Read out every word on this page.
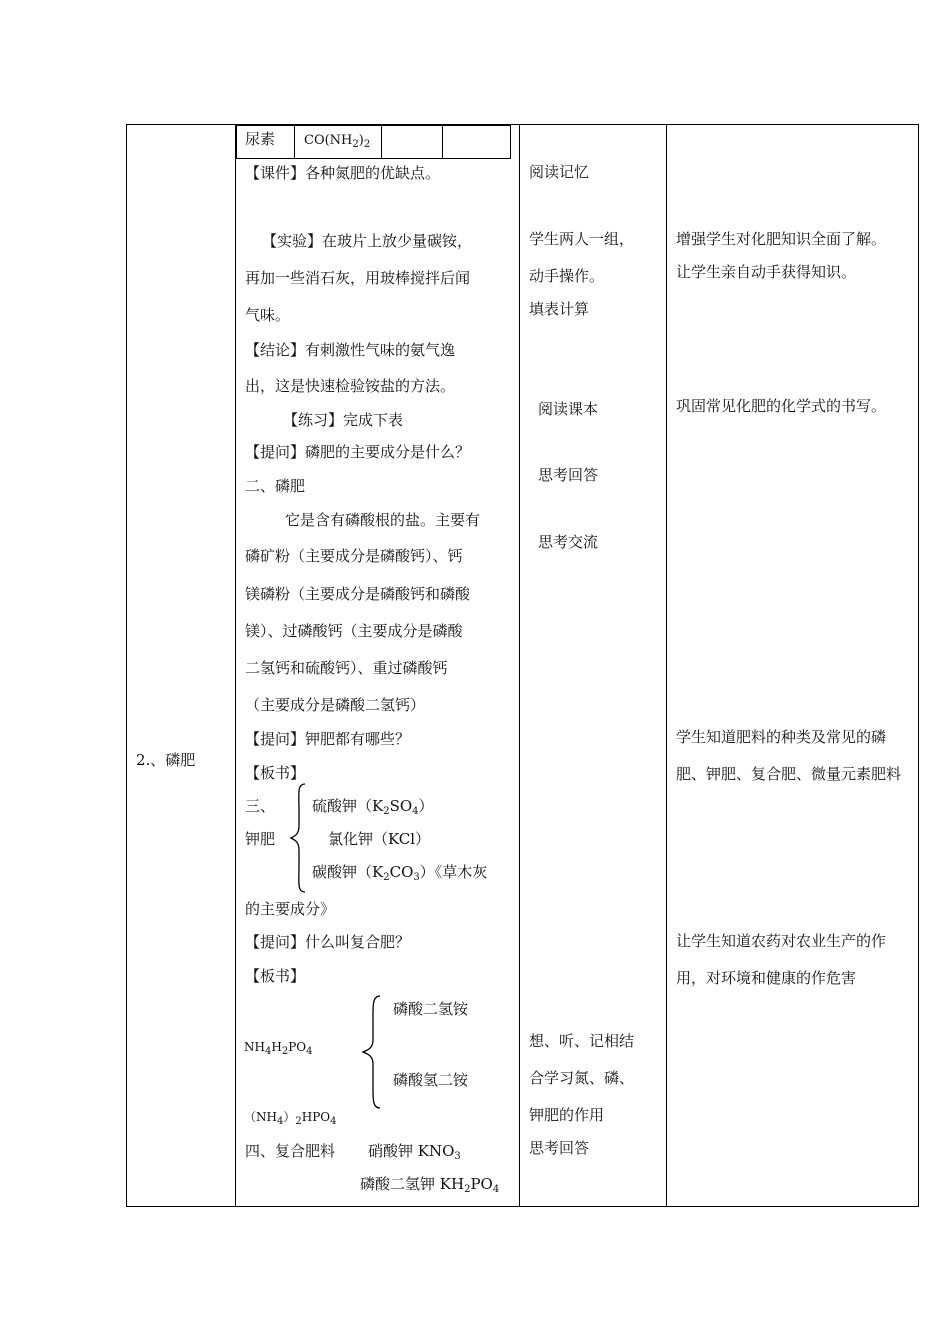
2.、磷肥
尿素 $CO(NH_2)_2$
【课件】各种氮肥的优缺点。
【实验】在玻片上放少量碳铵，
再加一些消石灰，用玻棒搅拌后闻
气味。
【结论】有刺激性气味的氨气逸
出，这是快速检验铵盐的方法。
【练习】完成下表
【提问】磷肥的主要成分是什么？
二、磷肥
它是含有磷酸根的盐。主要有
磷矿粉（主要成分是磷酸钙）、钙
镁磷粉（主要成分是磷酸钙和磷酸
镁）、过磷酸钙（主要成分是磷酸
二氢钙和硫酸钙）、重过磷酸钙
（主要成分是磷酸二氢钙）
【提问】钾肥都有哪些？
【板书】
三、
钾肥
硫酸钾$(K_2SO_4)$
氯化钾（KCl）
碳酸钾$(K_2CO_3)$《草木灰
的主要成分》
【提问】什么叫复合肥？
【板书】
磷酸二氢铵
$NH_4H_2PO_4$
磷酸氢二铵
$(NH_4)_2HPO_4$
四、复合肥料 硝酸钾 $KNO_3$
磷酸二氢钾 $KH_2PO_4$
阅读记忆
学生两人一组，
动手操作。
填表计算
阅读课本
思考回答
思考交流
想、听、记相结
合学习氮、磷、
钾肥的作用
思考回答
增强学生对化肥知识全面了解。
让学生亲自动手获得知识。
巩固常见化肥的化学式的书写。
学生知道肥料的种类及常见的磷
肥、钾肥、复合肥、微量元素肥料
让学生知道农药对农业生产的作
用，对环境和健康的作危害
